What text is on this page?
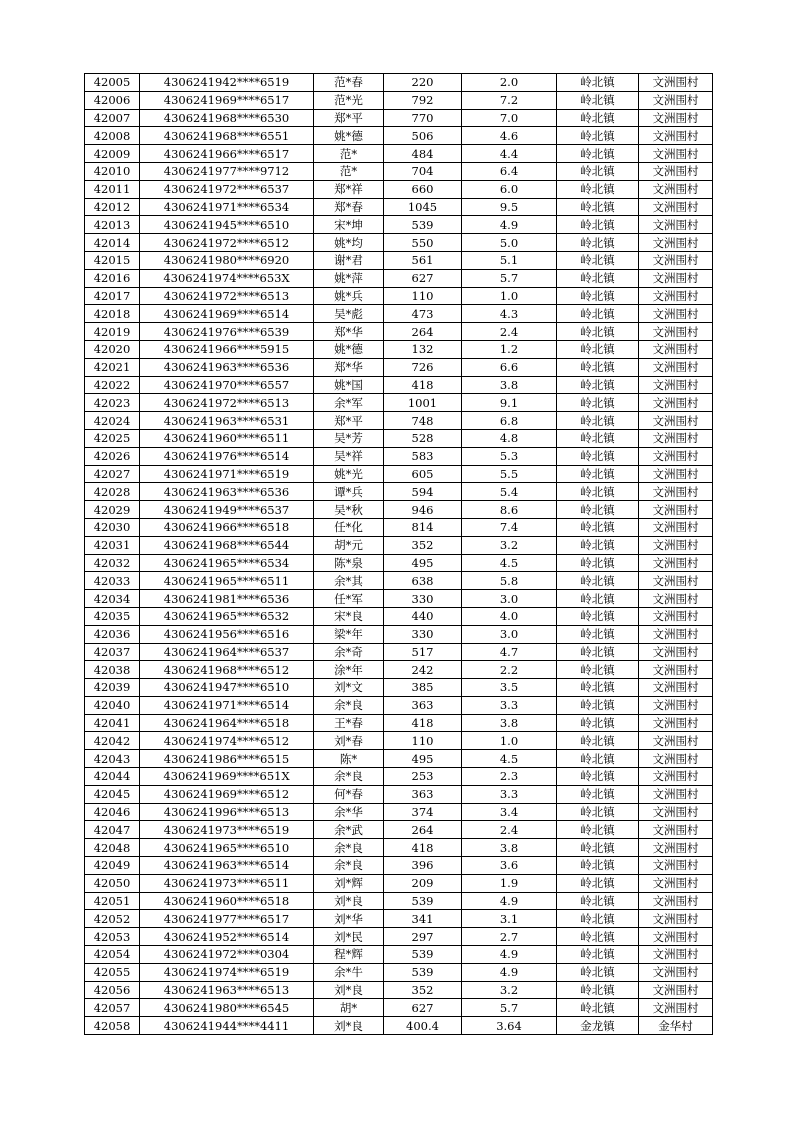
42005	4306241942****6519	范*春	220	2.0	岭北镇	文洲围村
42006	4306241969****6517	范*光	792	7.2	岭北镇	文洲围村
42007	4306241968****6530	郑*平	770	7.0	岭北镇	文洲围村
42008	4306241968****6551	姚*德	506	4.6	岭北镇	文洲围村
42009	4306241966****6517	范*	484	4.4	岭北镇	文洲围村
42010	4306241977****9712	范*	704	6.4	岭北镇	文洲围村
42011	4306241972****6537	郑*祥	660	6.0	岭北镇	文洲围村
42012	4306241971****6534	郑*春	1045	9.5	岭北镇	文洲围村
42013	4306241945****6510	宋*坤	539	4.9	岭北镇	文洲围村
42014	4306241972****6512	姚*均	550	5.0	岭北镇	文洲围村
42015	4306241980****6920	谢*君	561	5.1	岭北镇	文洲围村
42016	4306241974****653X	姚*萍	627	5.7	岭北镇	文洲围村
42017	4306241972****6513	姚*兵	110	1.0	岭北镇	文洲围村
42018	4306241969****6514	吴*彪	473	4.3	岭北镇	文洲围村
42019	4306241976****6539	郑*华	264	2.4	岭北镇	文洲围村
42020	4306241966****5915	姚*德	132	1.2	岭北镇	文洲围村
42021	4306241963****6536	郑*华	726	6.6	岭北镇	文洲围村
42022	4306241970****6557	姚*国	418	3.8	岭北镇	文洲围村
42023	4306241972****6513	余*军	1001	9.1	岭北镇	文洲围村
42024	4306241963****6531	郑*平	748	6.8	岭北镇	文洲围村
42025	4306241960****6511	吴*芳	528	4.8	岭北镇	文洲围村
42026	4306241976****6514	吴*祥	583	5.3	岭北镇	文洲围村
42027	4306241971****6519	姚*光	605	5.5	岭北镇	文洲围村
42028	4306241963****6536	谭*兵	594	5.4	岭北镇	文洲围村
42029	4306241949****6537	吴*秋	946	8.6	岭北镇	文洲围村
42030	4306241966****6518	任*化	814	7.4	岭北镇	文洲围村
42031	4306241968****6544	胡*元	352	3.2	岭北镇	文洲围村
42032	4306241965****6534	陈*泉	495	4.5	岭北镇	文洲围村
42033	4306241965****6511	余*其	638	5.8	岭北镇	文洲围村
42034	4306241981****6536	任*军	330	3.0	岭北镇	文洲围村
42035	4306241965****6532	宋*良	440	4.0	岭北镇	文洲围村
42036	4306241956****6516	梁*年	330	3.0	岭北镇	文洲围村
42037	4306241964****6537	余*奇	517	4.7	岭北镇	文洲围村
42038	4306241968****6512	涂*年	242	2.2	岭北镇	文洲围村
42039	4306241947****6510	刘*文	385	3.5	岭北镇	文洲围村
42040	4306241971****6514	余*良	363	3.3	岭北镇	文洲围村
42041	4306241964****6518	王*春	418	3.8	岭北镇	文洲围村
42042	4306241974****6512	刘*春	110	1.0	岭北镇	文洲围村
42043	4306241986****6515	陈*	495	4.5	岭北镇	文洲围村
42044	4306241969****651X	余*良	253	2.3	岭北镇	文洲围村
42045	4306241969****6512	何*春	363	3.3	岭北镇	文洲围村
42046	4306241996****6513	余*华	374	3.4	岭北镇	文洲围村
42047	4306241973****6519	余*武	264	2.4	岭北镇	文洲围村
42048	4306241965****6510	余*良	418	3.8	岭北镇	文洲围村
42049	4306241963****6514	余*良	396	3.6	岭北镇	文洲围村
42050	4306241973****6511	刘*辉	209	1.9	岭北镇	文洲围村
42051	4306241960****6518	刘*良	539	4.9	岭北镇	文洲围村
42052	4306241977****6517	刘*华	341	3.1	岭北镇	文洲围村
42053	4306241952****6514	刘*民	297	2.7	岭北镇	文洲围村
42054	4306241972****0304	程*辉	539	4.9	岭北镇	文洲围村
42055	4306241974****6519	余*牛	539	4.9	岭北镇	文洲围村
42056	4306241963****6513	刘*良	352	3.2	岭北镇	文洲围村
42057	4306241980****6545	胡*	627	5.7	岭北镇	文洲围村
42058	4306241944****4411	刘*良	400.4	3.64	金龙镇	金华村
